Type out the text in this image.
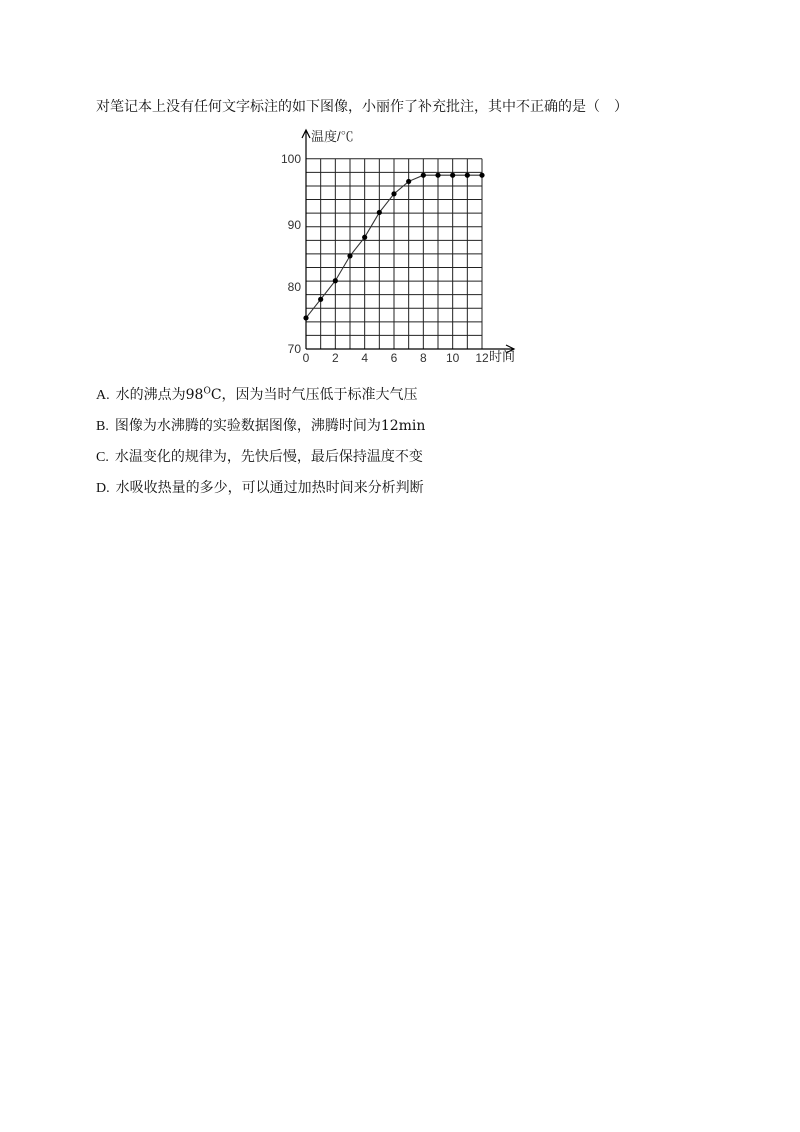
对笔记本上没有任何文字标注的如下图像，小丽作了补充批注，其中不正确的是（　）
温度/℃
时间
0 2 4 6 8 10 12
70
80
90
100
A. 水的沸点为$98^OC$，因为当时气压低于标准大气压
B. 图像为水沸腾的实验数据图像，沸腾时间为12min
C. 水温变化的规律为，先快后慢，最后保持温度不变
D. 水吸收热量的多少，可以通过加热时间来分析判断
